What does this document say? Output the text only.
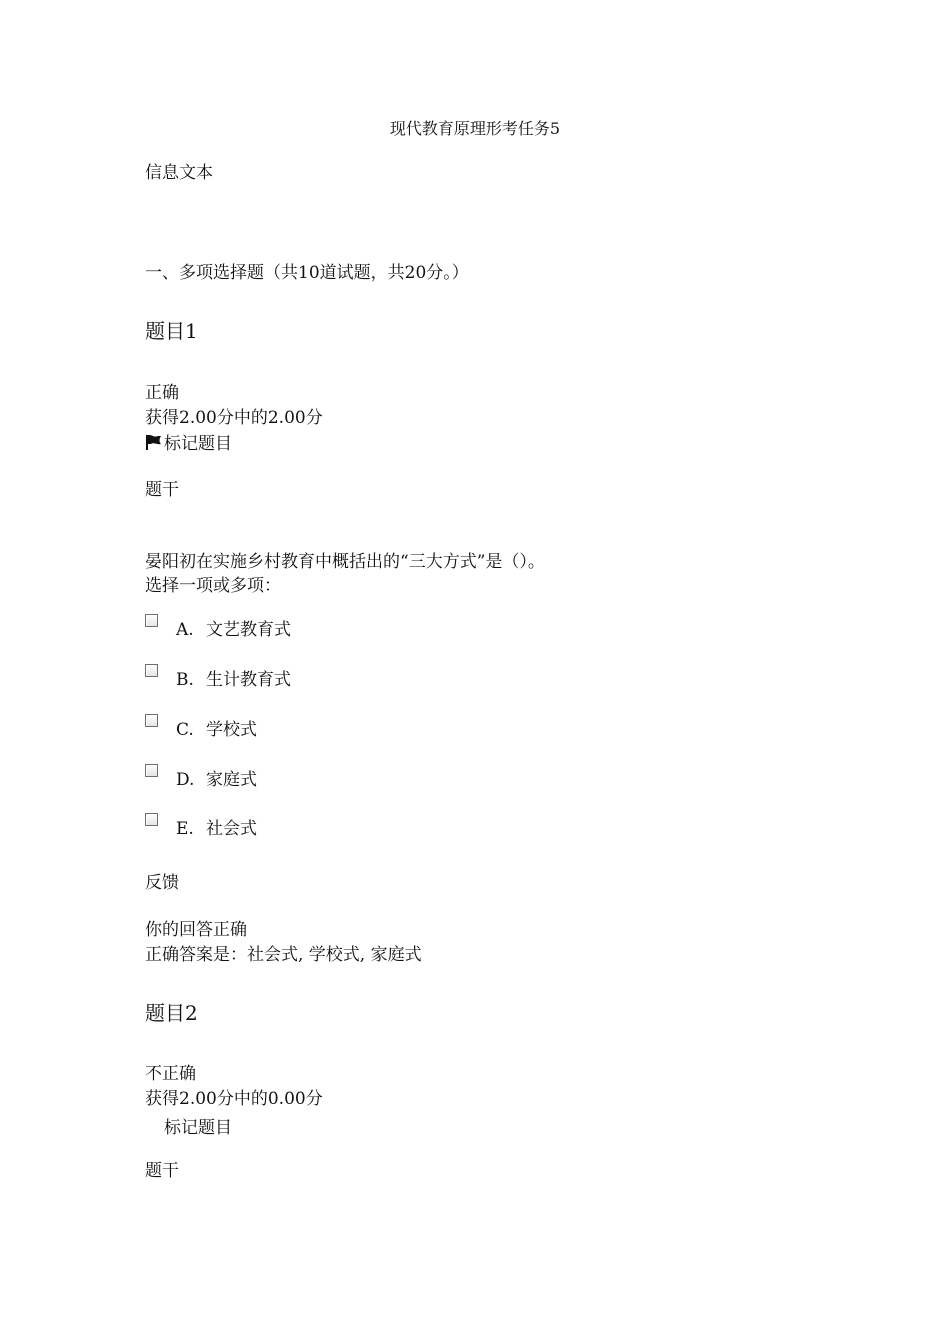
现代教育原理形考任务5
信息文本
一、多项选择题（共10道试题，共20分。）
题目1
正确
获得2.00分中的2.00分
标记题目
题干
晏阳初在实施乡村教育中概括出的“三大方式”是（）。
选择一项或多项：
A. 文艺教育式
B. 生计教育式
C. 学校式
D. 家庭式
E. 社会式
反馈
你的回答正确
正确答案是：社会式, 学校式, 家庭式
题目2
不正确
获得2.00分中的0.00分
标记题目
题干
